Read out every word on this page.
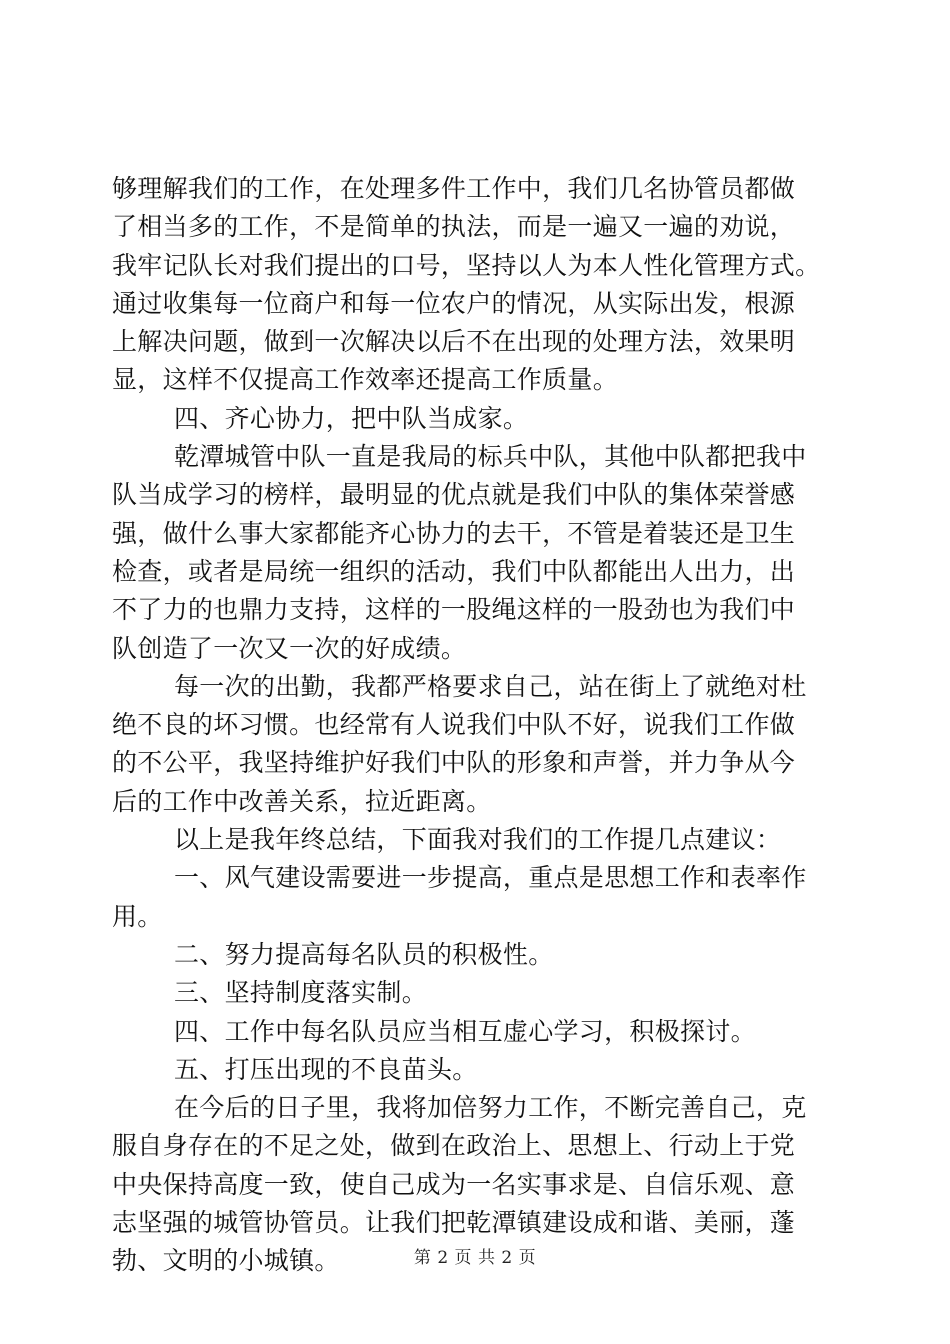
够理解我们的工作，在处理多件工作中，我们几名协管员都做
了相当多的工作，不是简单的执法，而是一遍又一遍的劝说，
我牢记队长对我们提出的口号，坚持以人为本人性化管理方式。
通过收集每一位商户和每一位农户的情况，从实际出发，根源
上解决问题，做到一次解决以后不在出现的处理方法，效果明
显，这样不仅提高工作效率还提高工作质量。
四、齐心协力，把中队当成家。
乾潭城管中队一直是我局的标兵中队，其他中队都把我中
队当成学习的榜样，最明显的优点就是我们中队的集体荣誉感
强，做什么事大家都能齐心协力的去干，不管是着装还是卫生
检查，或者是局统一组织的活动，我们中队都能出人出力，出
不了力的也鼎力支持，这样的一股绳这样的一股劲也为我们中
队创造了一次又一次的好成绩。
每一次的出勤，我都严格要求自己，站在街上了就绝对杜
绝不良的坏习惯。也经常有人说我们中队不好，说我们工作做
的不公平，我坚持维护好我们中队的形象和声誉，并力争从今
后的工作中改善关系，拉近距离。
以上是我年终总结，下面我对我们的工作提几点建议：
一、风气建设需要进一步提高，重点是思想工作和表率作
用。
二、努力提高每名队员的积极性。
三、坚持制度落实制。
四、工作中每名队员应当相互虚心学习，积极探讨。
五、打压出现的不良苗头。
在今后的日子里，我将加倍努力工作，不断完善自己，克
服自身存在的不足之处，做到在政治上、思想上、行动上于党
中央保持高度一致，使自己成为一名实事求是、自信乐观、意
志坚强的城管协管员。让我们把乾潭镇建设成和谐、美丽，蓬
勃、文明的小城镇。	第 2 页 共 2 页
